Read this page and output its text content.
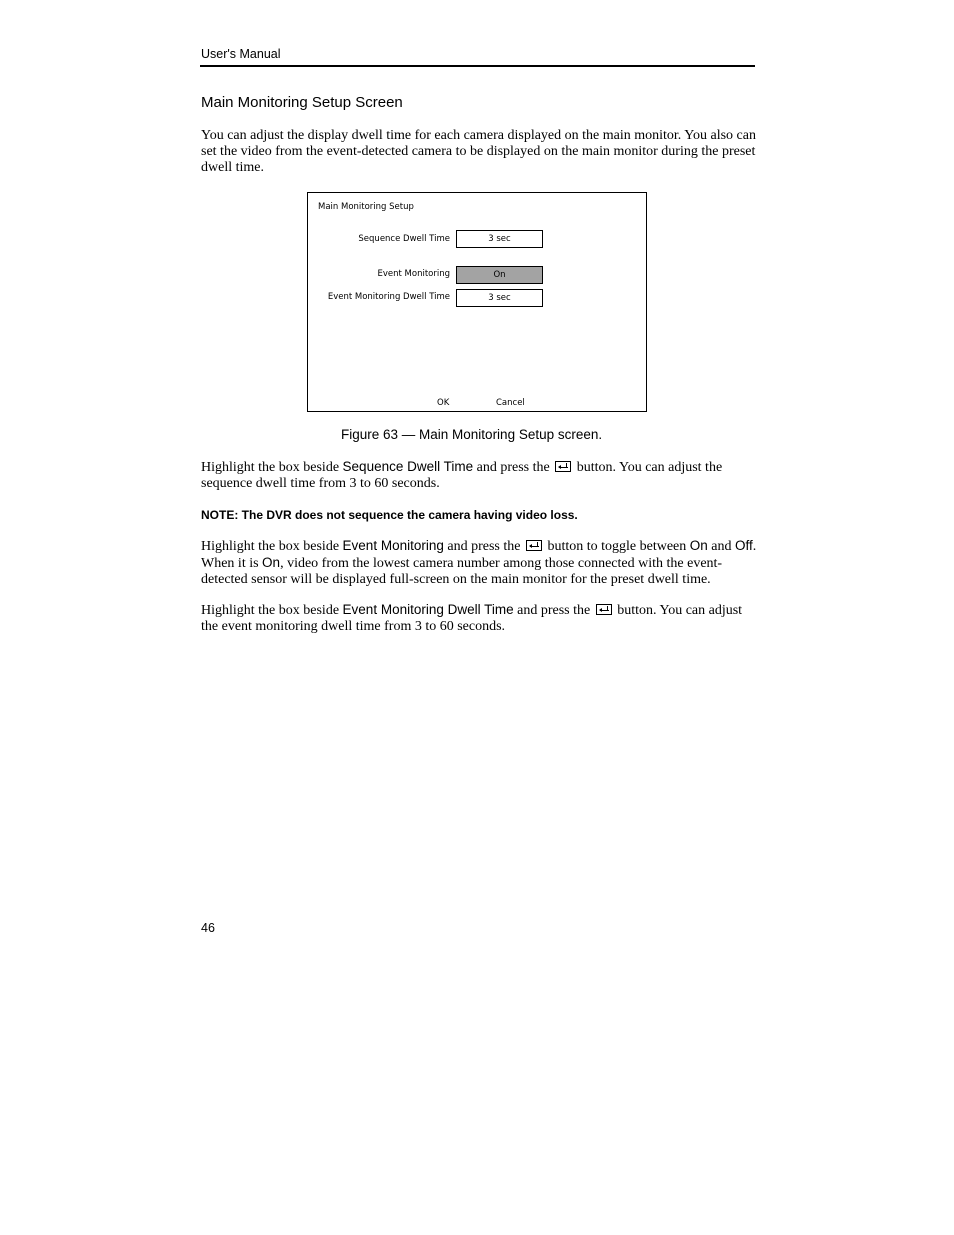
User's Manual
Main Monitoring Setup Screen
You can adjust the display dwell time for each camera displayed on the main monitor. You also can set the video from the event-detected camera to be displayed on the main monitor during the preset dwell time.
Main Monitoring Setup
Sequence Dwell Time	3 sec
Event Monitoring	On
Event Monitoring Dwell Time	3 sec
OK	Cancel
Figure 63 — Main Monitoring Setup screen.
Highlight the box beside Sequence Dwell Time and press the
button. You can adjust the sequence dwell time from 3 to 60 seconds.
NOTE: The DVR does not sequence the camera having video loss.
Highlight the box beside Event Monitoring and press the
button to toggle between On and Off. When it is On, video from the lowest camera number among those connected with the event-detected sensor will be displayed full-screen on the main monitor for the preset dwell time.
Highlight the box beside Event Monitoring Dwell Time and press the
button. You can adjust the event monitoring dwell time from 3 to 60 seconds.
46
